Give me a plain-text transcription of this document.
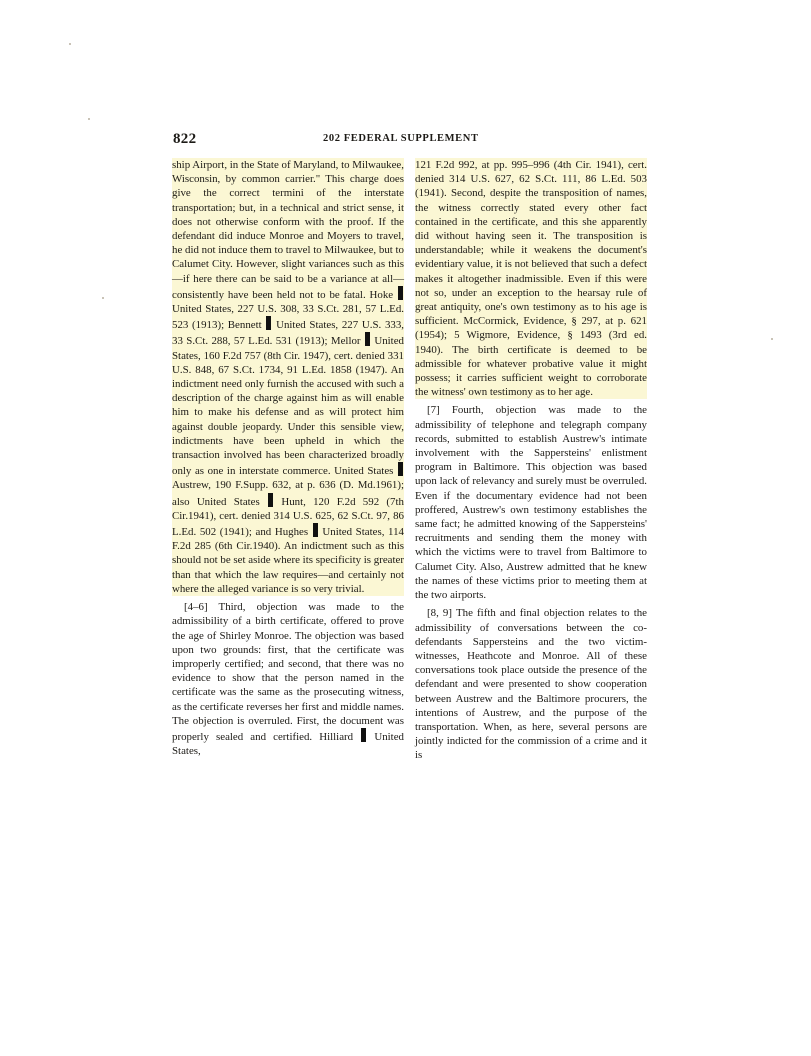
822	202 FEDERAL SUPPLEMENT

ship Airport, in the State of Maryland, to Milwaukee, Wisconsin, by common carrier." This charge does give the correct termini of the interstate transportation; but, in a technical and strict sense, it does not otherwise conform with the proof. If the defendant did induce Monroe and Moyers to travel, he did not induce them to travel to Milwaukee, but to Calumet City. However, slight variances such as this—if here there can be said to be a variance at all—consistently have been held not to be fatal. Hoke  United States, 227 U.S. 308, 33 S.Ct. 281, 57 L.Ed. 523 (1913); Bennett United States, 227 U.S. 333, 33 S.Ct. 288, 57 L.Ed. 531 (1913); Mellor United States, 160 F.2d 757 (8th Cir. 1947), cert. denied 331 U.S. 848, 67 S.Ct. 1734, 91 L.Ed. 1858 (1947). An indictment need only furnish the accused with such a description of the charge against him as will enable him to make his defense and as will protect him against double jeopardy. Under this sensible view, indictments have been upheld in which the transaction involved has been characterized broadly only as one in interstate commerce. United States  Austrew, 190 F.Supp. 632, at p. 636 (D. Md.1961); also United States Hunt, 120 F.2d 592 (7th Cir.1941), cert. denied 314 U.S. 625, 62 S.Ct. 97, 86 L.Ed. 502 (1941); and Hughes United States, 114 F.2d 285 (6th Cir.1940). An indictment such as this should not be set aside where its specificity is greater than that which the law requires—and certainly not where the alleged variance is so very trivial.

[4–6] Third, objection was made to the admissibility of a birth certificate, offered to prove the age of Shirley Monroe. The objection was based upon two grounds: first, that the certificate was improperly certified; and second, that there was no evidence to show that the person named in the certificate was the same as the prosecuting witness, as the certificate reverses her first and middle names. The objection is overruled. First, the document was properly sealed and certified. Hilliard United States,

121 F.2d 992, at pp. 995–996 (4th Cir. 1941), cert. denied 314 U.S. 627, 62 S.Ct. 111, 86 L.Ed. 503 (1941). Second, despite the transposition of names, the witness correctly stated every other fact contained in the certificate, and this she apparently did without having seen it. The transposition is understandable; while it weakens the document's evidentiary value, it is not believed that such a defect makes it altogether inadmissible. Even if this were not so, under an exception to the hearsay rule of great antiquity, one's own testimony as to his age is sufficient. McCormick, Evidence, § 297, at p. 621 (1954); 5 Wigmore, Evidence, § 1493 (3rd ed. 1940). The birth certificate is deemed to be admissible for whatever probative value it might possess; it carries sufficient weight to corroborate the witness' own testimony as to her age.

[7] Fourth, objection was made to the admissibility of telephone and telegraph company records, submitted to establish Austrew's intimate involvement with the Sappersteins' enlistment program in Baltimore. This objection was based upon lack of relevancy and surely must be overruled. Even if the documentary evidence had not been proffered, Austrew's own testimony establishes the same fact; he admitted knowing of the Sappersteins' recruitments and sending them the money with which the victims were to travel from Baltimore to Calumet City. Also, Austrew admitted that he knew the names of these victims prior to meeting them at the two airports.

[8, 9] The fifth and final objection relates to the admissibility of conversations between the co-defendants Sappersteins and the two victim-witnesses, Heathcote and Monroe. All of these conversations took place outside the presence of the defendant and were presented to show cooperation between Austrew and the Baltimore procurers, the intentions of Austrew, and the purpose of the transportation. When, as here, several persons are jointly indicted for the commission of a crime and it is
